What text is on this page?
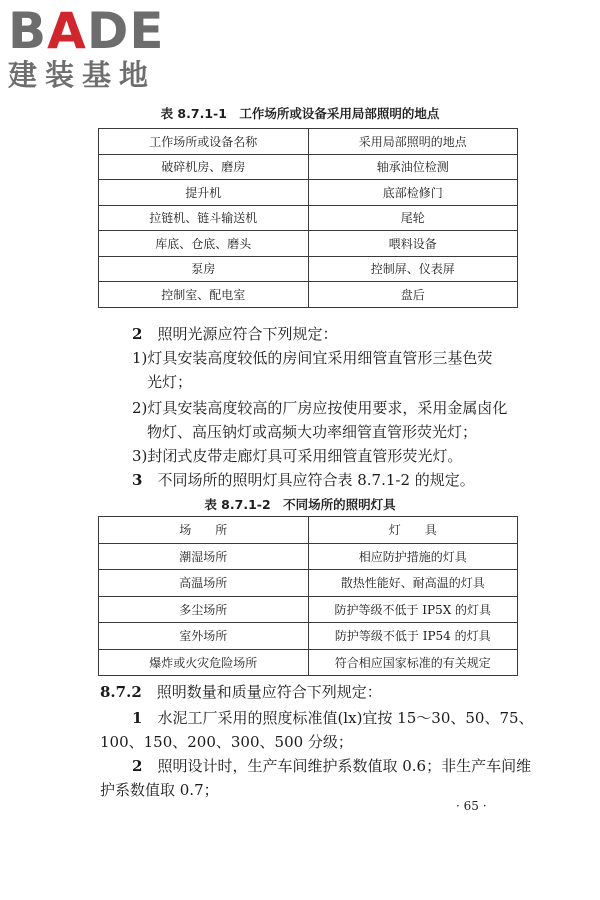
BADE
建装基地
表 8.7.1-1　工作场所或设备采用局部照明的地点
工作场所或设备名称	采用局部照明的地点
破碎机房、磨房	轴承油位检测
提升机	底部检修门
拉链机、链斗输送机	尾轮
库底、仓底、磨头	喂料设备
泵房	控制屏、仪表屏
控制室、配电室	盘后
2　 照明光源应符合下列规定：
1)灯具安装高度较低的房间宜采用细管直管形三基色荧
光灯；
2)灯具安装高度较高的厂房应按使用要求，采用金属卤化
物灯、高压钠灯或高频大功率细管直管形荧光灯；
3)封闭式皮带走廊灯具可采用细管直管形荧光灯。
3　 不同场所的照明灯具应符合表 8.7.1-2 的规定。
表 8.7.1-2　不同场所的照明灯具
场　　所	灯　　具
潮湿场所	相应防护措施的灯具
高温场所	散热性能好、耐高温的灯具
多尘场所	防护等级不低于 IP5X 的灯具
室外场所	防护等级不低于 IP54 的灯具
爆炸或火灾危险场所	符合相应国家标准的有关规定
8.7.2　 照明数量和质量应符合下列规定：
1　 水泥工厂采用的照度标准值(lx)宜按 15～30、50、75、
100、150、200、300、500 分级；
2　 照明设计时，生产车间维护系数值取 0.6；非生产车间维
护系数值取 0.7；
· 65 ·
